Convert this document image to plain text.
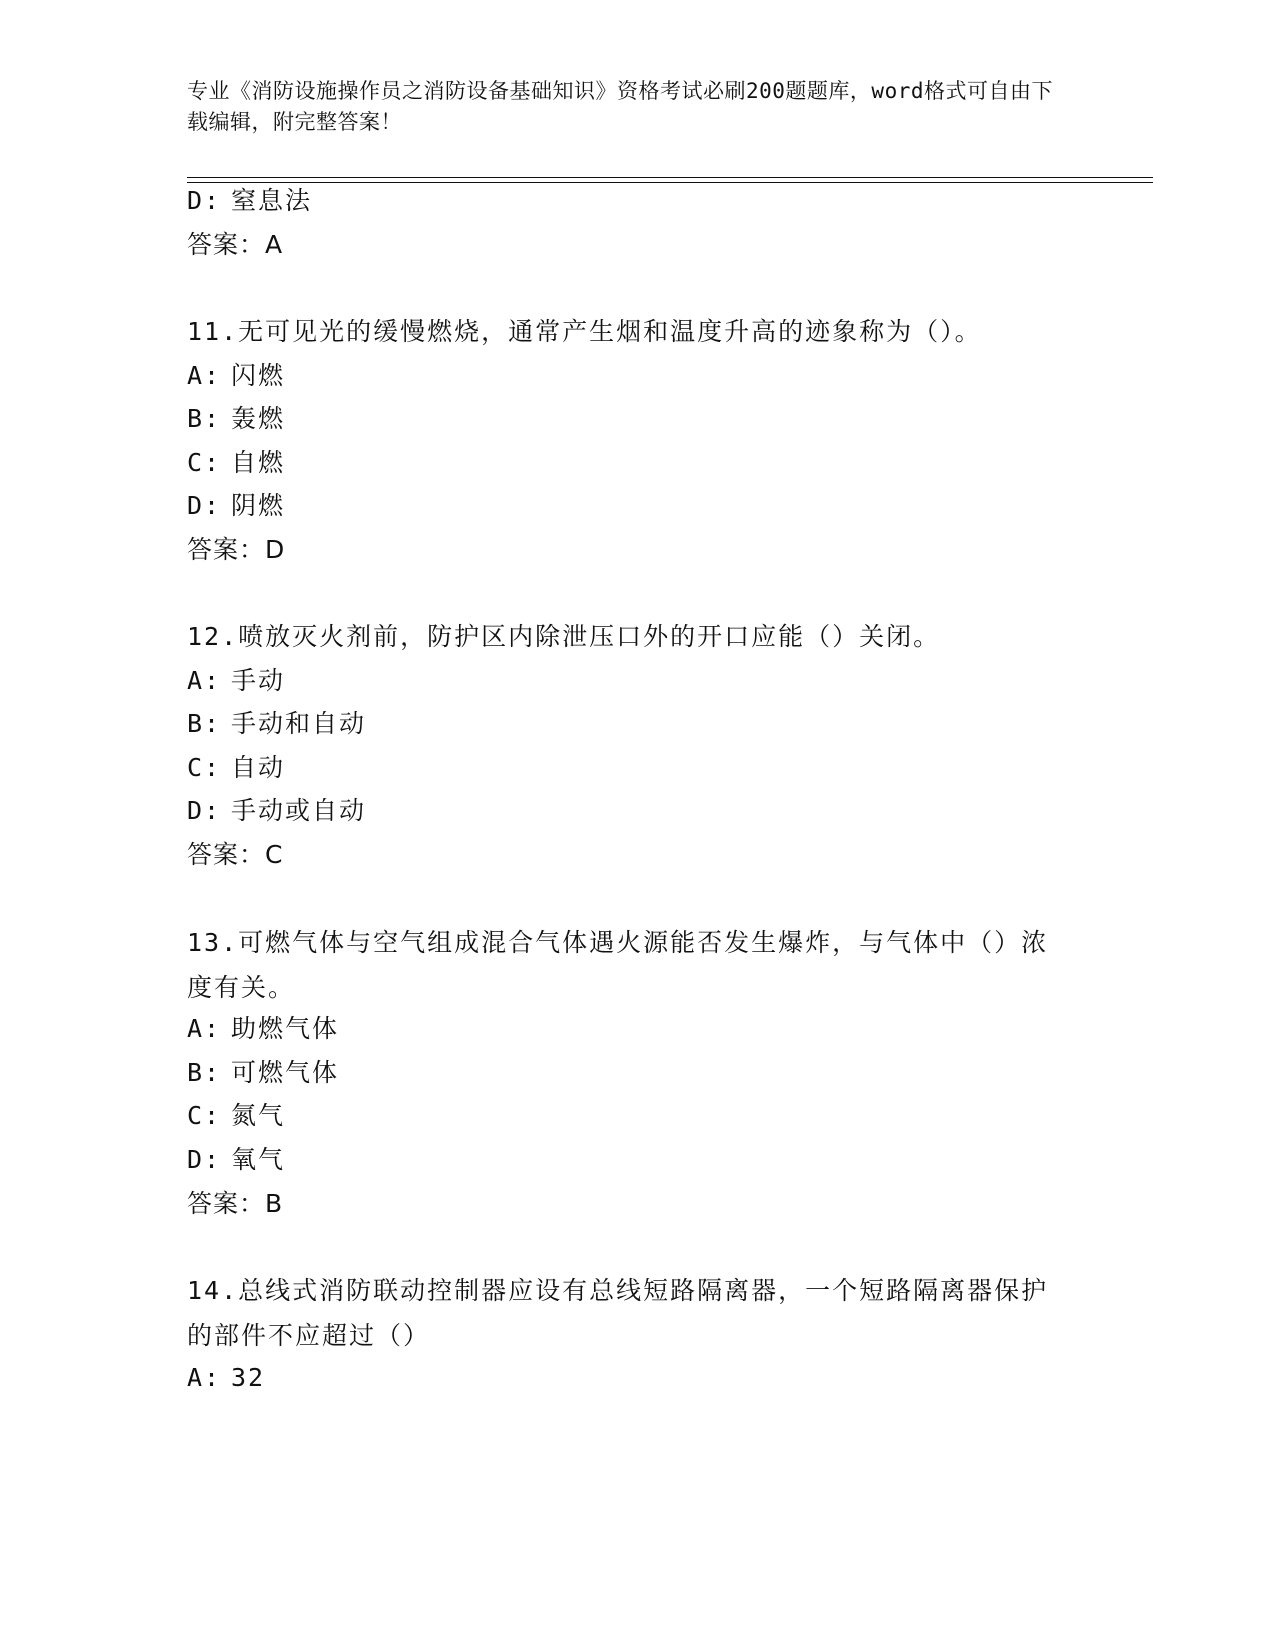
专业《消防设施操作员之消防设备基础知识》资格考试必刷200题题库，word格式可自由下载编辑，附完整答案！
D: 窒息法
答案：A
11.无可见光的缓慢燃烧，通常产生烟和温度升高的迹象称为（）。
A: 闪燃
B: 轰燃
C: 自燃
D: 阴燃
答案：D
12.喷放灭火剂前，防护区内除泄压口外的开口应能（）关闭。
A: 手动
B: 手动和自动
C: 自动
D: 手动或自动
答案：C
13.可燃气体与空气组成混合气体遇火源能否发生爆炸，与气体中（）浓度有关。
A: 助燃气体
B: 可燃气体
C: 氮气
D: 氧气
答案：B
14.总线式消防联动控制器应设有总线短路隔离器，一个短路隔离器保护的部件不应超过（）
A: 32
